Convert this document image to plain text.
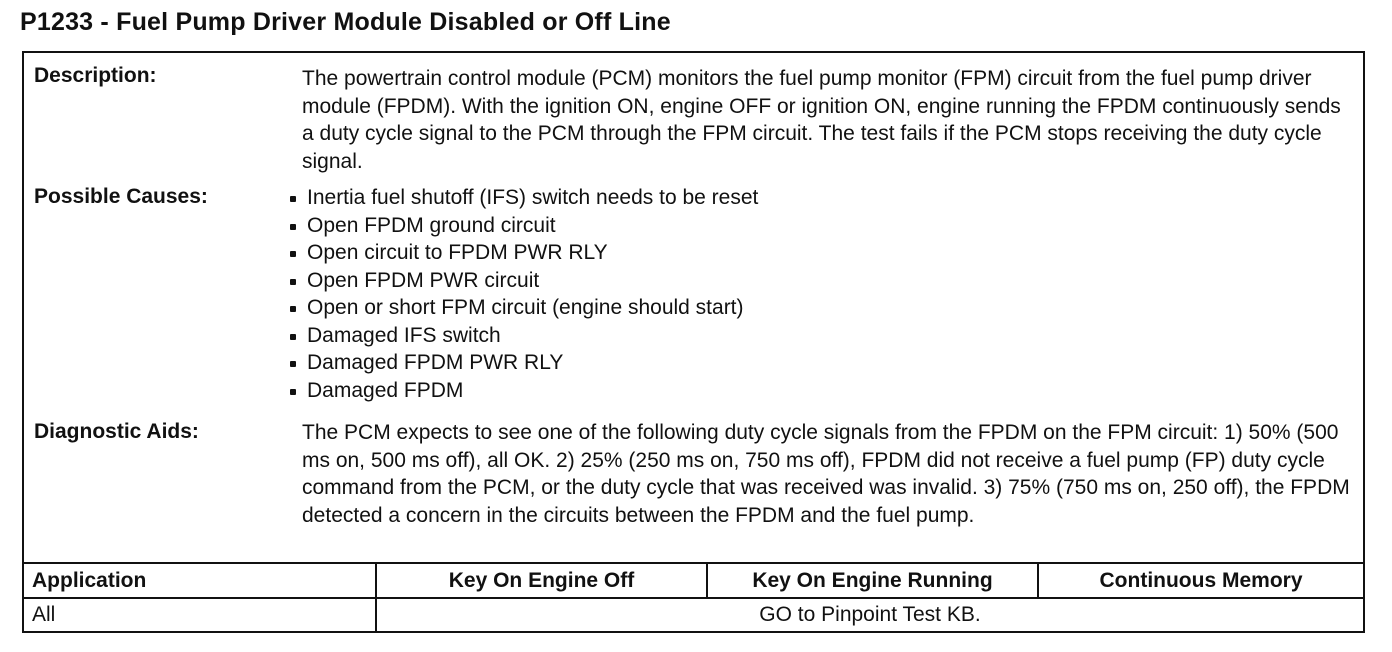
P1233 - Fuel Pump Driver Module Disabled or Off Line
Description:	The powertrain control module (PCM) monitors the fuel pump monitor (FPM) circuit from the fuel pump driver module (FPDM). With the ignition ON, engine OFF or ignition ON, engine running the FPDM continuously sends a duty cycle signal to the PCM through the FPM circuit. The test fails if the PCM stops receiving the duty cycle signal.
Possible Causes:	Inertia fuel shutoff (IFS) switch needs to be reset
Open FPDM ground circuit
Open circuit to FPDM PWR RLY
Open FPDM PWR circuit
Open or short FPM circuit (engine should start)
Damaged IFS switch
Damaged FPDM PWR RLY
Damaged FPDM
Diagnostic Aids:	The PCM expects to see one of the following duty cycle signals from the FPDM on the FPM circuit: 1) 50% (500 ms on, 500 ms off), all OK. 2) 25% (250 ms on, 750 ms off), FPDM did not receive a fuel pump (FP) duty cycle command from the PCM, or the duty cycle that was received was invalid. 3) 75% (750 ms on, 250 off), the FPDM detected a concern in the circuits between the FPDM and the fuel pump.
Application	Key On Engine Off	Key On Engine Running	Continuous Memory
All	GO to Pinpoint Test KB.
